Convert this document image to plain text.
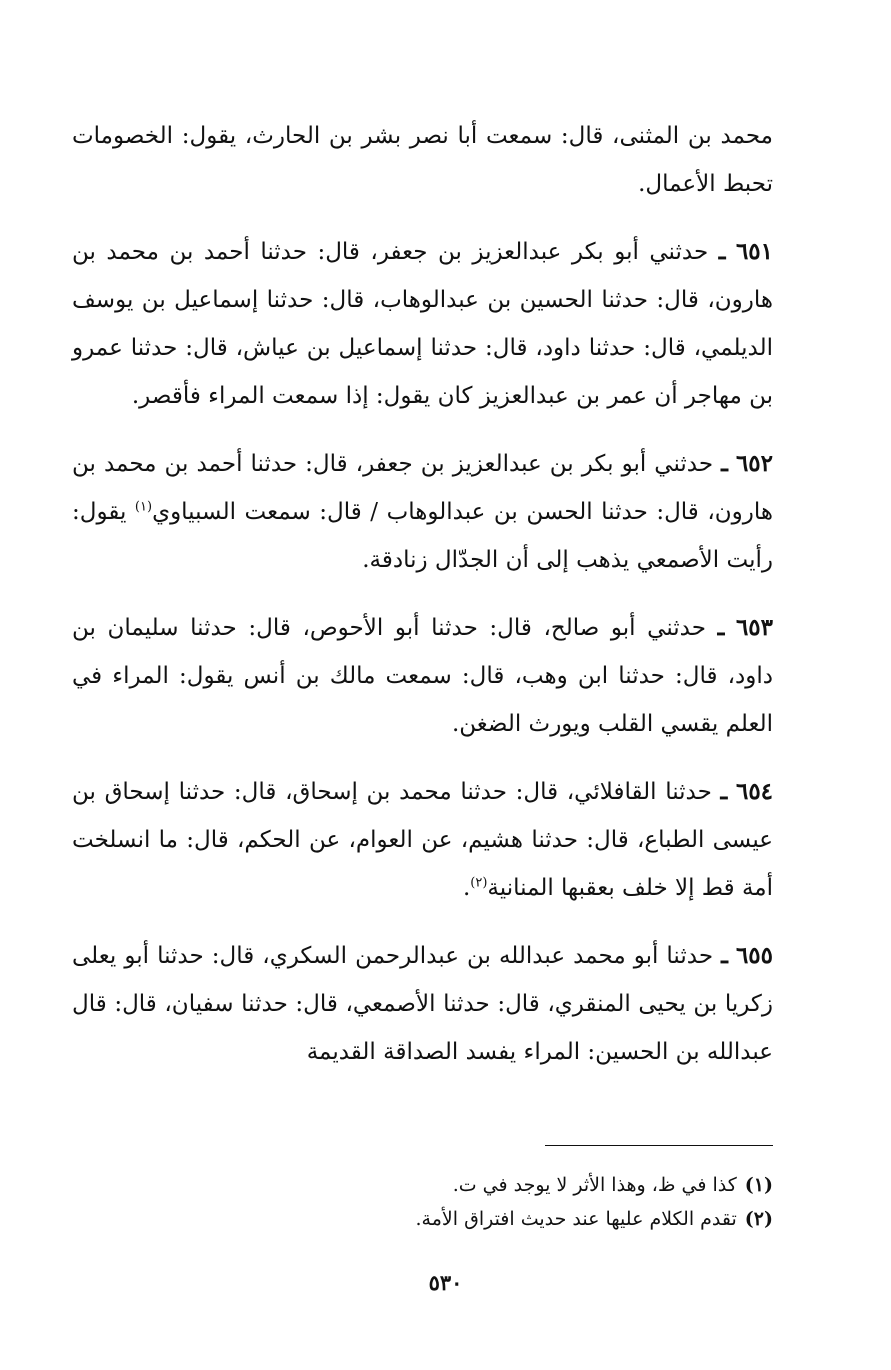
محمد بن المثنى، قال: سمعت أبا نصر بشر بن الحارث، يقول: الخصومات تحبط الأعمال.

٦٥١ ـ حدثني أبو بكر عبدالعزيز بن جعفر، قال: حدثنا أحمد بن محمد بن هارون، قال: حدثنا الحسين بن عبدالوهاب، قال: حدثنا إسماعيل بن يوسف الديلمي، قال: حدثنا داود، قال: حدثنا إسماعيل بن عياش، قال: حدثنا عمرو بن مهاجر أن عمر بن عبدالعزيز كان يقول: إذا سمعت المراء فأقصر.

٦٥٢ ـ حدثني أبو بكر بن عبدالعزيز بن جعفر، قال: حدثنا أحمد بن محمد بن هارون، قال: حدثنا الحسن بن عبدالوهاب / قال: سمعت السبياوي$^{(١)}$ يقول: رأيت الأصمعي يذهب إلى أن الجدّال زنادقة.

٦٥٣ ـ حدثني أبو صالح، قال: حدثنا أبو الأحوص، قال: حدثنا سليمان بن داود، قال: حدثنا ابن وهب، قال: سمعت مالك بن أنس يقول: المراء في العلم يقسي القلب ويورث الضغن.

٦٥٤ ـ حدثنا القافلائي، قال: حدثنا محمد بن إسحاق، قال: حدثنا إسحاق بن عيسى الطباع، قال: حدثنا هشيم، عن العوام، عن الحكم، قال: ما انسلخت أمة قط إلا خلف بعقبها المنانية$^{(٢)}$.

٦٥٥ ـ حدثنا أبو محمد عبدالله بن عبدالرحمن السكري، قال: حدثنا أبو يعلى زكريا بن يحيى المنقري، قال: حدثنا الأصمعي، قال: حدثنا سفيان، قال: قال عبدالله بن الحسين: المراء يفسد الصداقة القديمة

(١)كذا في ظ، وهذا الأثر لا يوجد في ت.

(٢)تقدم الكلام عليها عند حديث افتراق الأمة.

٥٣٠
